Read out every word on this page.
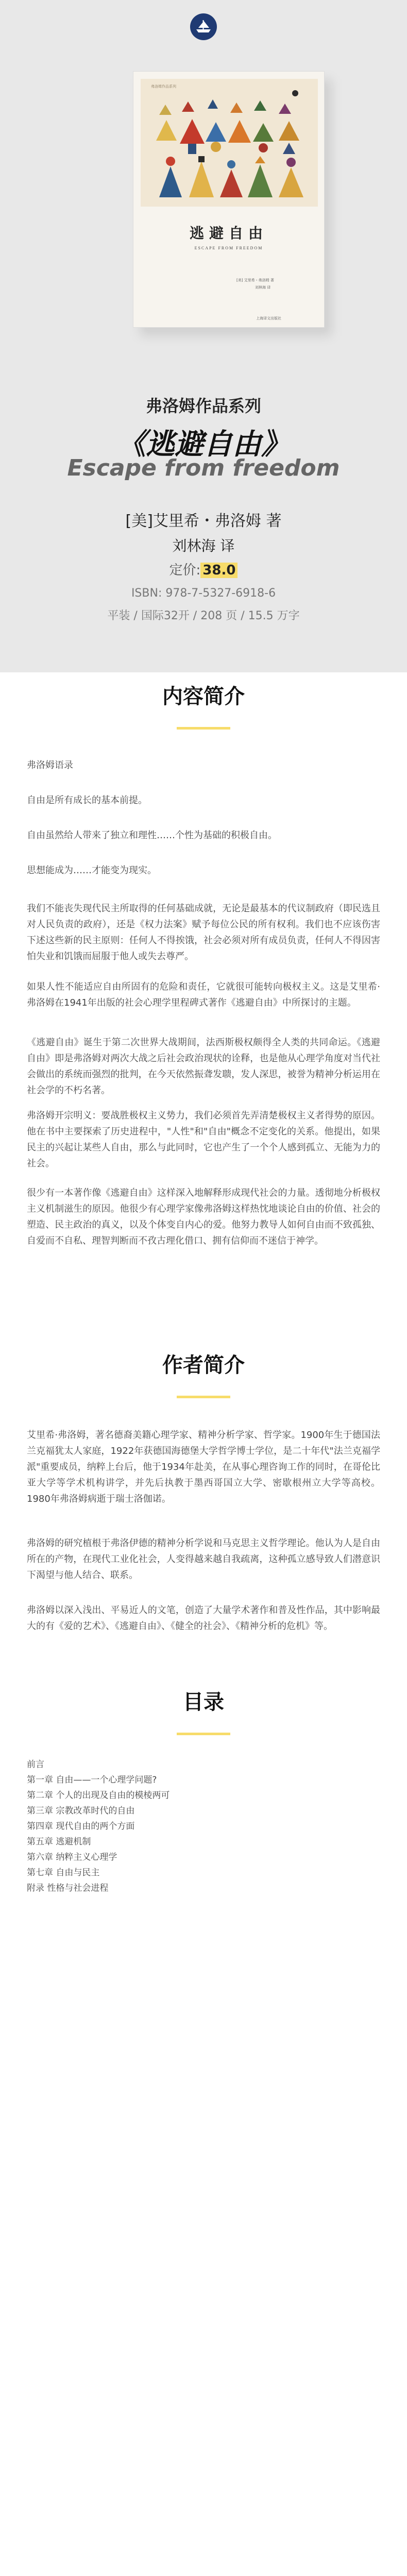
弗洛姆作品系列
逃避自由
ESCAPE FROM FREEDOM
[美] 艾里希・弗洛姆 著
刘林海 译
上海译文出版社
弗洛姆作品系列
《逃避自由》
Escape from freedom
[美]艾里希・弗洛姆 著
刘林海 译
定价: 38.0
ISBN: 978-7-5327-6918-6
平装 / 国际32开 / 208 页 / 15.5 万字
内容简介

弗洛姆语录

自由是所有成长的基本前提。

自由虽然给人带来了独立和理性……个性为基础的积极自由。

思想能成为……才能变为现实。

我们不能丧失现代民主所取得的任何基础成就，无论是最基本的代议制政府（即民选且对人民负责的政府），还是《权力法案》赋予每位公民的所有权利。我们也不应该伤害下述这些新的民主原则：任何人不得挨饿，社会必须对所有成员负责，任何人不得因害怕失业和饥饿而屈服于他人或失去尊严。

如果人性不能适应自由所固有的危险和责任，它就很可能转向极权主义。这是艾里希·弗洛姆在1941年出版的社会心理学里程碑式著作《逃避自由》中所探讨的主题。

《逃避自由》诞生于第二次世界大战期间，法西斯极权颇得全人类的共同命运。《逃避自由》即是弗洛姆对两次大战之后社会政治现状的诠释，也是他从心理学角度对当代社会做出的系统而强烈的批判，在今天依然振聋发聩，发人深思，被誉为精神分析运用在社会学的不朽名著。

弗洛姆开宗明义：要战胜极权主义势力，我们必须首先弄清楚极权主义者得势的原因。他在书中主要探索了历史进程中，"人性"和"自由"概念不定变化的关系。他提出，如果民主的兴起让某些人自由，那么与此同时，它也产生了一个个人感到孤立、无能为力的社会。

很少有一本著作像《逃避自由》这样深入地解释形成现代社会的力量。透彻地分析极权主义机制滋生的原因。他很少有心理学家像弗洛姆这样热忱地谈论自由的价值、社会的塑造、民主政治的真义，以及个体变自内心的爱。他努力教导人如何自由而不致孤独、自爱而不自私、理智判断而不孜古理化借口、拥有信仰而不迷信于神学。

作者简介

艾里希·弗洛姆，著名德裔美籍心理学家、精神分析学家、哲学家。1900年生于德国法兰克福犹太人家庭，1922年获德国海德堡大学哲学博士学位，是二十年代"法兰克福学派"重要成员，纳粹上台后，他于1934年赴美，在从事心理咨询工作的同时，在哥伦比亚大学等学术机构讲学，并先后执教于墨西哥国立大学、密歇根州立大学等高校。1980年弗洛姆病逝于瑞士洛伽诺。

弗洛姆的研究植根于弗洛伊德的精神分析学说和马克思主义哲学理论。他认为人是自由所在的产物，在现代工业化社会，人变得越来越自我疏离，这种孤立感导致人们潜意识下渴望与他人结合、联系。

弗洛姆以深入浅出、平易近人的文笔，创造了大量学术著作和普及性作品，其中影响最大的有《爱的艺术》、《逃避自由》、《健全的社会》、《精神分析的危机》等。

目录
前言
第一章 自由——一个心理学问题?
第二章 个人的出现及自由的模棱两可
第三章 宗教改革时代的自由
第四章 现代自由的两个方面
第五章 逃避机制
第六章 纳粹主义心理学
第七章 自由与民主
附录 性格与社会进程
